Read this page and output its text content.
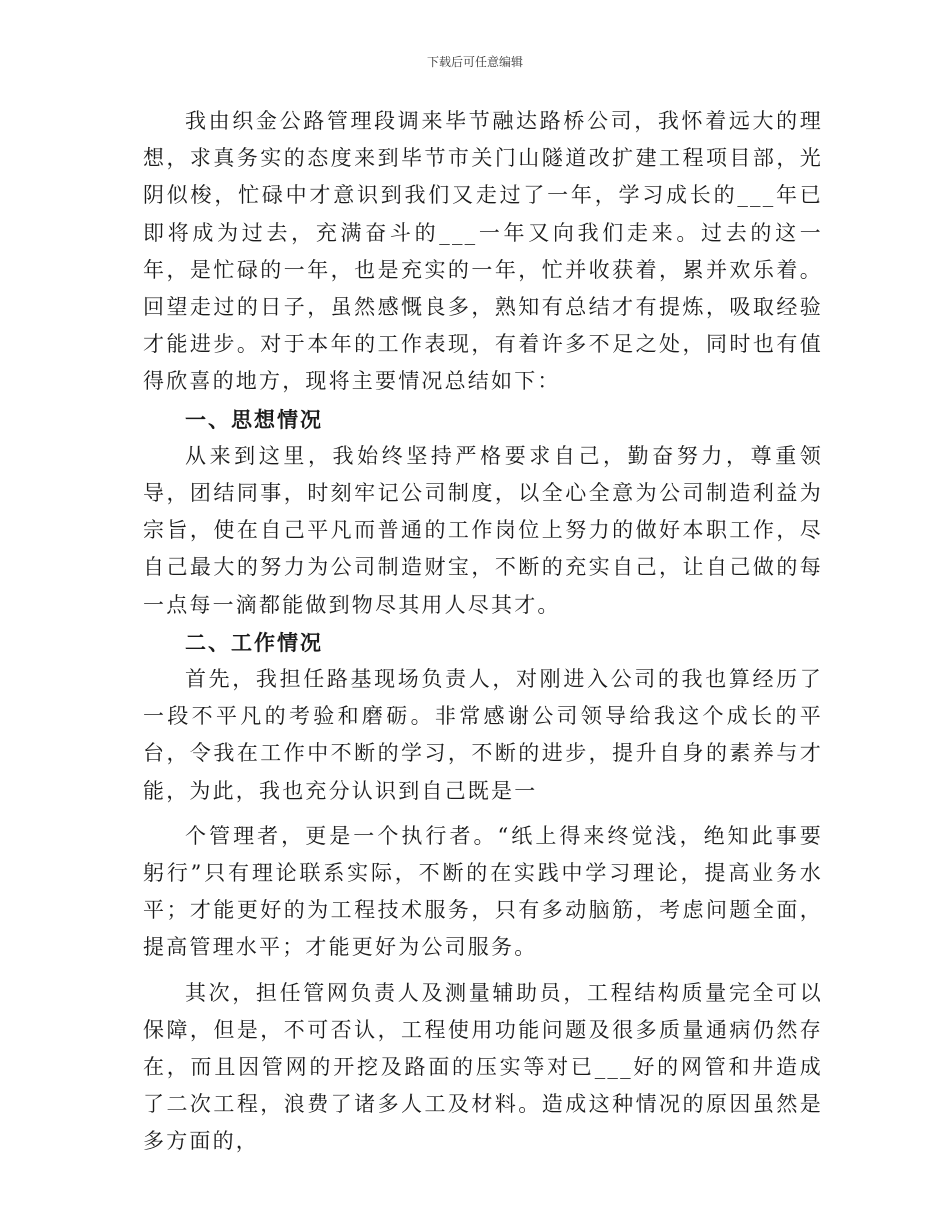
下载后可任意编辑

我由织金公路管理段调来毕节融达路桥公司，我怀着远大的理想，求真务实的态度来到毕节市关门山隧道改扩建工程项目部，光阴似梭，忙碌中才意识到我们又走过了一年，学习成长的___年已即将成为过去，充满奋斗的___一年又向我们走来。过去的这一年，是忙碌的一年，也是充实的一年，忙并收获着，累并欢乐着。回望走过的日子，虽然感慨良多，熟知有总结才有提炼，吸取经验才能进步。对于本年的工作表现，有着许多不足之处，同时也有值得欣喜的地方，现将主要情况总结如下：

一、思想情况

从来到这里，我始终坚持严格要求自己，勤奋努力，尊重领导，团结同事，时刻牢记公司制度，以全心全意为公司制造利益为宗旨，使在自己平凡而普通的工作岗位上努力的做好本职工作，尽自己最大的努力为公司制造财宝，不断的充实自己，让自己做的每一点每一滴都能做到物尽其用人尽其才。

二、工作情况

首先，我担任路基现场负责人，对刚进入公司的我也算经历了一段不平凡的考验和磨砺。非常感谢公司领导给我这个成长的平台，令我在工作中不断的学习，不断的进步，提升自身的素养与才能，为此，我也充分认识到自己既是一

个管理者，更是一个执行者。“纸上得来终觉浅，绝知此事要躬行”只有理论联系实际，不断的在实践中学习理论，提高业务水平；才能更好的为工程技术服务，只有多动脑筋，考虑问题全面，提高管理水平；才能更好为公司服务。

其次，担任管网负责人及测量辅助员，工程结构质量完全可以保障，但是，不可否认，工程使用功能问题及很多质量通病仍然存在，而且因管网的开挖及路面的压实等对已___好的网管和井造成了二次工程，浪费了诸多人工及材料。造成这种情况的原因虽然是多方面的，
